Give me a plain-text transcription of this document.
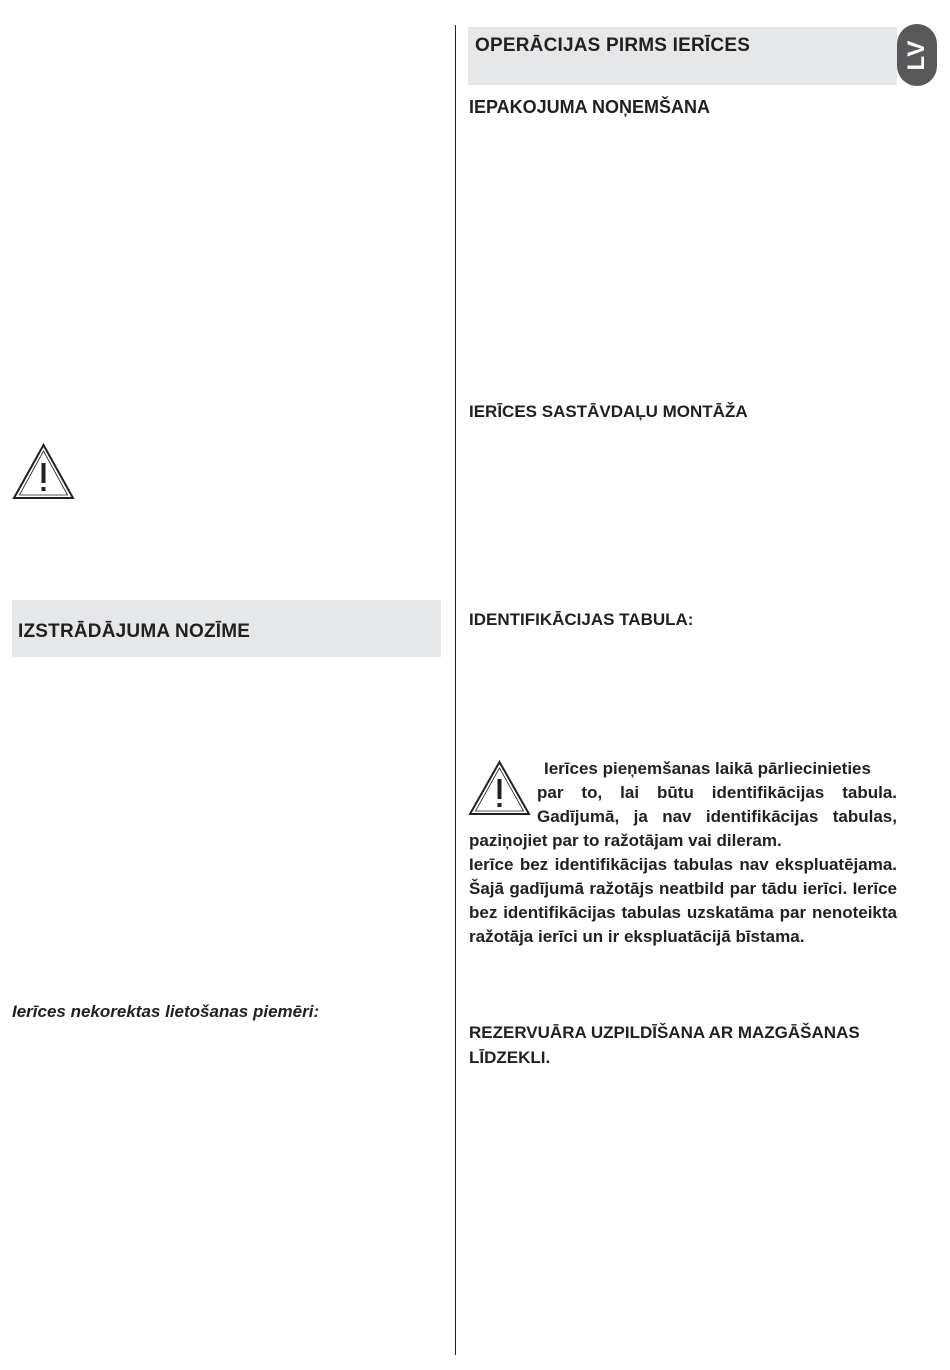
LV
IZSTRĀDĀJUMA NOZĪME
Ierīces nekorektas lietošanas piemēri:
OPERĀCIJAS PIRMS IERĪCES
IEPAKOJUMA NOŅEMŠANA
IERĪCES SASTĀVDAĻU MONTĀŽA
IDENTIFIKĀCIJAS TABULA:

Ierīces pieņemšanas laikā pārliecinieties

par to, lai būtu identifikācijas tabula.

Gadījumā, ja nav identifikācijas tabulas,

paziņojiet par to ražotājam vai dileram.

Ierīce bez identifikācijas tabulas nav ekspluatējama. Šajā gadījumā ražotājs neatbild par tādu ierīci. Ierīce bez identifikācijas tabulas uzskatāma par nenoteikta ražotāja ierīci un ir ekspluatācijā bīstama.

REZERVUĀRA UZPILDĪŠANA AR MAZGĀŠANAS
LĪDZEKLI.
